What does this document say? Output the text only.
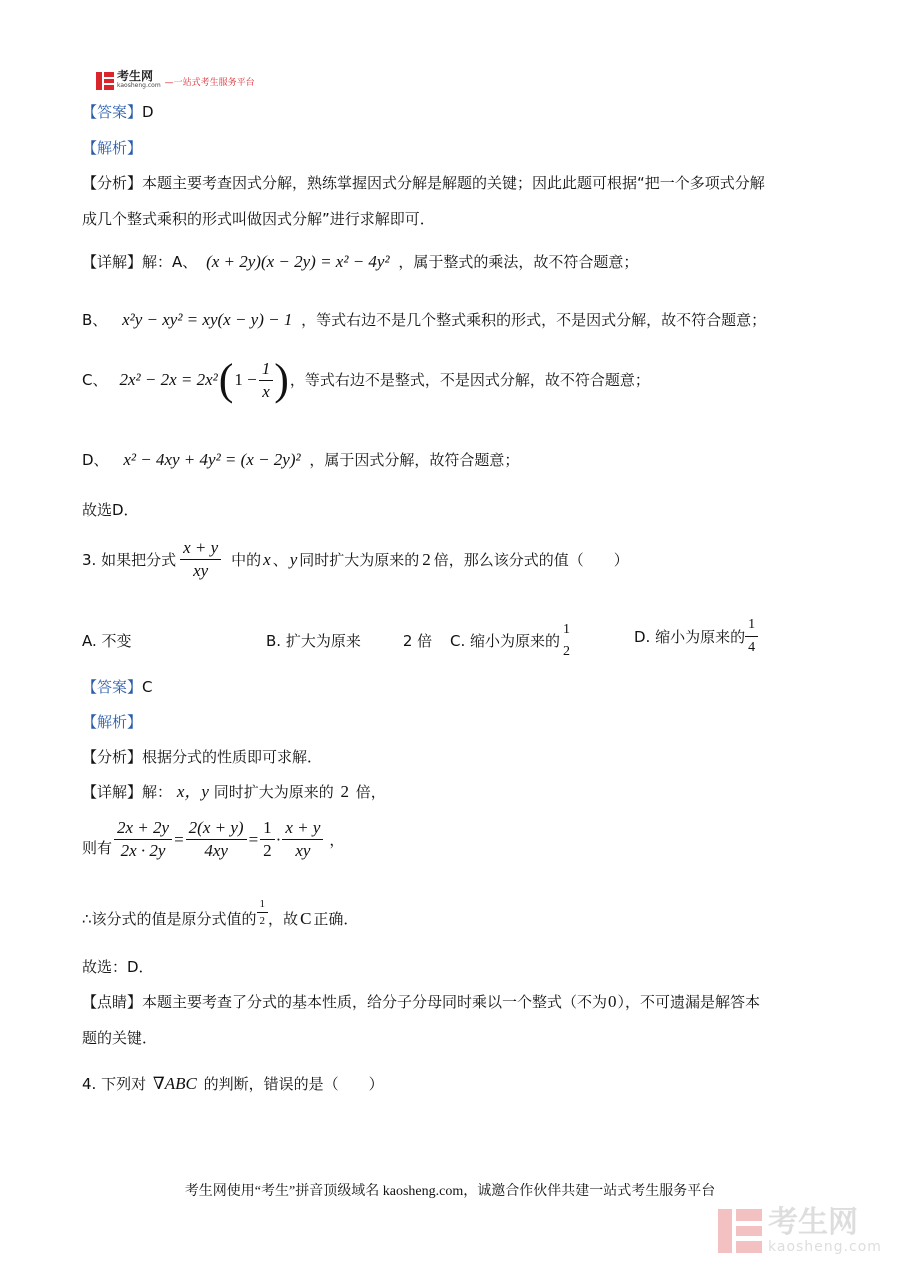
考生网
kaosheng.com —一站式考生服务平台
【答案】D
【解析】
【分析】本题主要考查因式分解，熟练掌握因式分解是解题的关键；因此此题可根据“把一个多项式分解
成几个整式乘积的形式叫做因式分解”进行求解即可．
【详解】解：A、 (x + 2y)(x − 2y) = x² − 4y² ，属于整式的乘法，故不符合题意；
B、 x²y − xy² = xy(x − y) − 1 ，等式右边不是几个整式乘积的形式，不是因式分解，故不符合题意；
C、 2x² − 2x = 2x² ( $1 - \frac{1}{x}$ ) ，等式右边不是整式，不是因式分解，故不符合题意；
D、 x² − 4xy + 4y² = (x − 2y)² ，属于因式分解，故符合题意；
故选D．
3. 如果把分式 $\frac{x + y}{xy}$ 中的 x 、 y 同时扩大为原来的 2 倍，那么该分式的值（　　）
A. 不变	B. 扩大为原来	2 倍 C. 缩小为原来的
1
2
D. 缩小为原来的 $\frac{1}{4}$
【答案】C
【解析】
【分析】根据分式的性质即可求解．
【详解】解： x，y 同时扩大为原来的 2 倍，
则有 $\frac{2x + 2y}{2x \cdot 2y} = \frac{2(x + y)}{4xy} = \frac{1}{2} \cdot \frac{x + y}{xy}$ ，
∴该分式的值是原分式值的 $\frac{1}{2}$ ，故 C 正确．
故选：D．
【点睛】本题主要考查了分式的基本性质，给分子分母同时乘以一个整式（不为0），不可遗漏是解答本
题的关键．
4. 下列对 ∇ABC 的判断，错误的是（　　）
考生网使用“考生”拼音顶级域名 kaosheng.com，诚邀合作伙伴共建一站式考生服务平台
考生网
kaosheng.com
